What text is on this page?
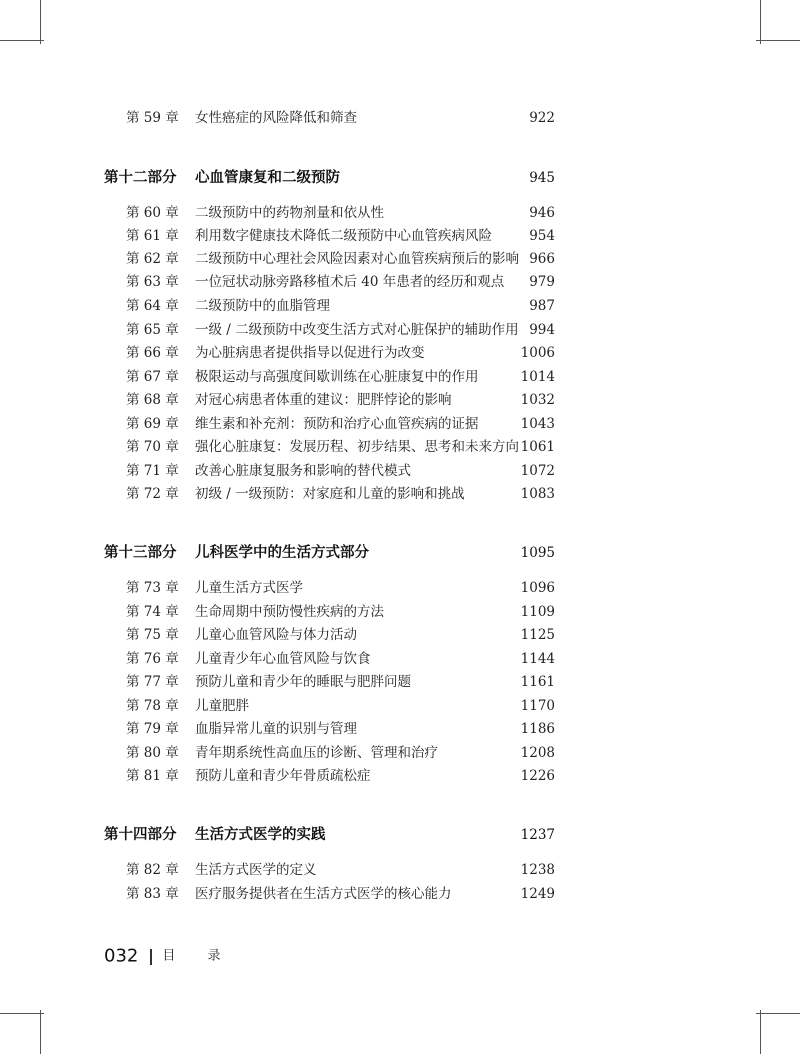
第 59 章 女性癌症的风险降低和筛查	922
第十二部分 心血管康复和二级预防	945
第 60 章 二级预防中的药物剂量和依从性	946
第 61 章 利用数字健康技术降低二级预防中心血管疾病风险	954
第 62 章 二级预防中心理社会风险因素对心血管疾病预后的影响 966
第 63 章 一位冠状动脉旁路移植术后 40 年患者的经历和观点 979
第 64 章 二级预防中的血脂管理	987
第 65 章 一级 / 二级预防中改变生活方式对心脏保护的辅助作用 994
第 66 章 为心脏病患者提供指导以促进行为改变	1006
第 67 章 极限运动与高强度间歇训练在心脏康复中的作用	1014
第 68 章 对冠心病患者体重的建议：肥胖悖论的影响	1032
第 69 章 维生素和补充剂：预防和治疗心血管疾病的证据	1043
第 70 章 强化心脏康复：发展历程、初步结果、思考和未来方向 1061
第 71 章 改善心脏康复服务和影响的替代模式	1072
第 72 章 初级 / 一级预防：对家庭和儿童的影响和挑战	1083
第十三部分 儿科医学中的生活方式部分	1095
第 73 章 儿童生活方式医学	1096
第 74 章 生命周期中预防慢性疾病的方法	1109
第 75 章 儿童心血管风险与体力活动	1125
第 76 章 儿童青少年心血管风险与饮食	1144
第 77 章 预防儿童和青少年的睡眠与肥胖问题	1161
第 78 章 儿童肥胖	1170
第 79 章 血脂异常儿童的识别与管理	1186
第 80 章 青年期系统性高血压的诊断、管理和治疗	1208
第 81 章 预防儿童和青少年骨质疏松症	1226
第十四部分 生活方式医学的实践	1237
第 82 章 生活方式医学的定义	1238
第 83 章 医疗服务提供者在生活方式医学的核心能力	1249
032 目 录
